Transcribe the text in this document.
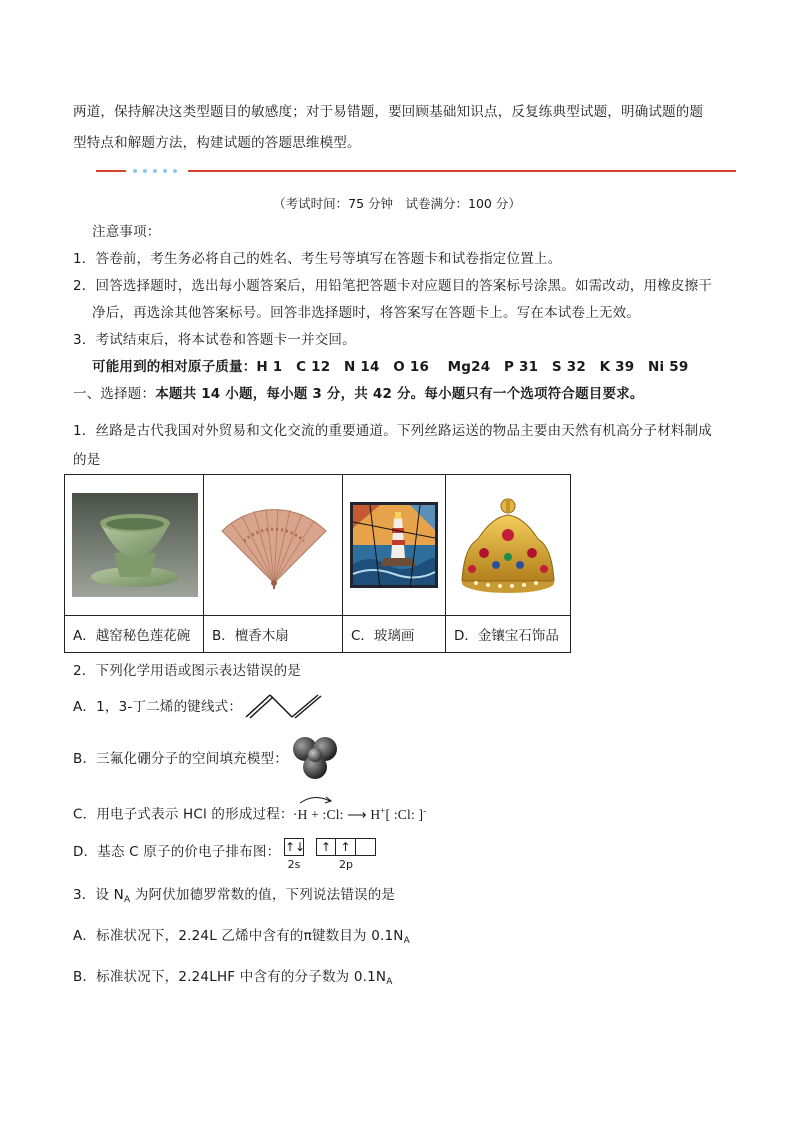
两道，保持解决这类型题目的敏感度；对于易错题，要回顾基础知识点，反复练典型试题，明确试题的题
型特点和解题方法，构建试题的答题思维模型。
（考试时间：75 分钟　试卷满分：100 分）
注意事项：
1．答卷前，考生务必将自己的姓名、考生号等填写在答题卡和试卷指定位置上。
2．回答选择题时，选出每小题答案后，用铅笔把答题卡对应题目的答案标号涂黑。如需改动，用橡皮擦干
净后，再选涂其他答案标号。回答非选择题时，将答案写在答题卡上。写在本试卷上无效。
3．考试结束后，将本试卷和答题卡一并交回。
可能用到的相对原子质量：H 1　C 12　N 14　O 16　 Mg24　P 31　S 32　K 39　Ni 59
一、选择题：本题共 14 小题，每小题 3 分，共 42 分。每小题只有一个选项符合题目要求。
1．丝路是古代我国对外贸易和文化交流的重要通道。下列丝路运送的物品主要由天然有机高分子材料制成
的是

A．越窑秘色莲花碗	B．檀香木扇	C．玻璃画	D．金镶宝石饰品
2．下列化学用语或图示表达错误的是
A．1，3-丁二烯的键线式：
B．三氟化硼分子的空间填充模型：
C．用电子式表示 HCl 的形成过程： ·H + :Cl: ⟶ H+[ :Cl: ]-
D．基态 C 原子的价电子排布图： ↑↓
2s
↑ ↑
2p
3．设 $N_A$ 为阿伏加德罗常数的值，下列说法错误的是
A．标准状况下，2.24L 乙烯中含有的π键数目为 $0.1N_A$
B．标准状况下，2.24LHF 中含有的分子数为 $0.1N_A$
